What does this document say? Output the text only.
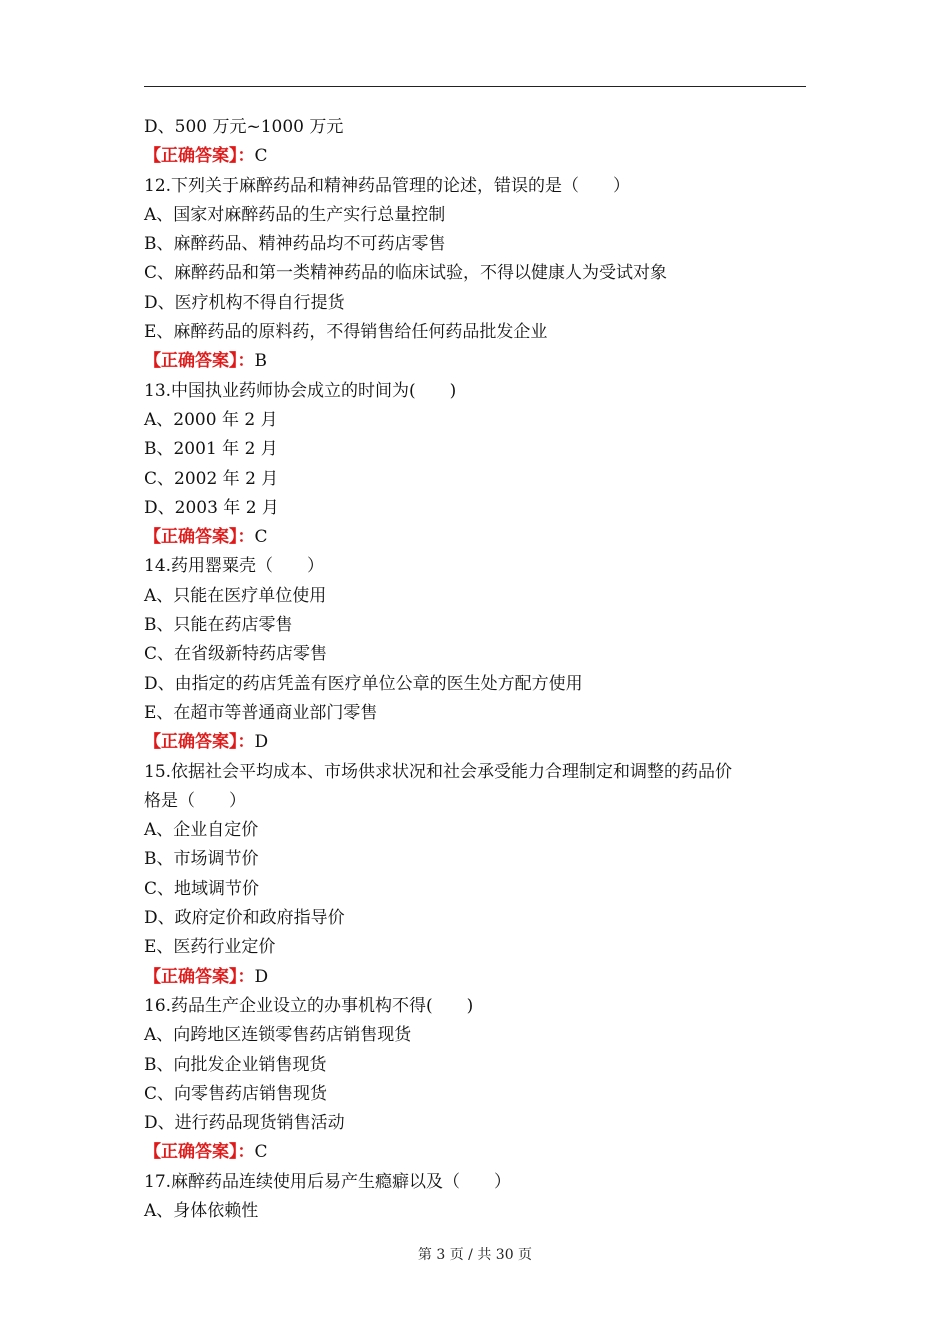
D、500 万元~1000 万元
【正确答案】：C
12.下列关于麻醉药品和精神药品管理的论述，错误的是（　　）
A、国家对麻醉药品的生产实行总量控制
B、麻醉药品、精神药品均不可药店零售
C、麻醉药品和第一类精神药品的临床试验，不得以健康人为受试对象
D、医疗机构不得自行提货
E、麻醉药品的原料药，不得销售给任何药品批发企业
【正确答案】：B
13.中国执业药师协会成立的时间为(　　)
A、2000 年 2 月
B、2001 年 2 月
C、2002 年 2 月
D、2003 年 2 月
【正确答案】：C
14.药用罂粟壳（　　）
A、只能在医疗单位使用
B、只能在药店零售
C、在省级新特药店零售
D、由指定的药店凭盖有医疗单位公章的医生处方配方使用
E、在超市等普通商业部门零售
【正确答案】：D
15.依据社会平均成本、市场供求状况和社会承受能力合理制定和调整的药品价
格是（　　）
A、企业自定价
B、市场调节价
C、地域调节价
D、政府定价和政府指导价
E、医药行业定价
【正确答案】：D
16.药品生产企业设立的办事机构不得(　　)
A、向跨地区连锁零售药店销售现货
B、向批发企业销售现货
C、向零售药店销售现货
D、进行药品现货销售活动
【正确答案】：C
17.麻醉药品连续使用后易产生瘾癖以及（　　）
A、身体依赖性
第 3 页 / 共 30 页
